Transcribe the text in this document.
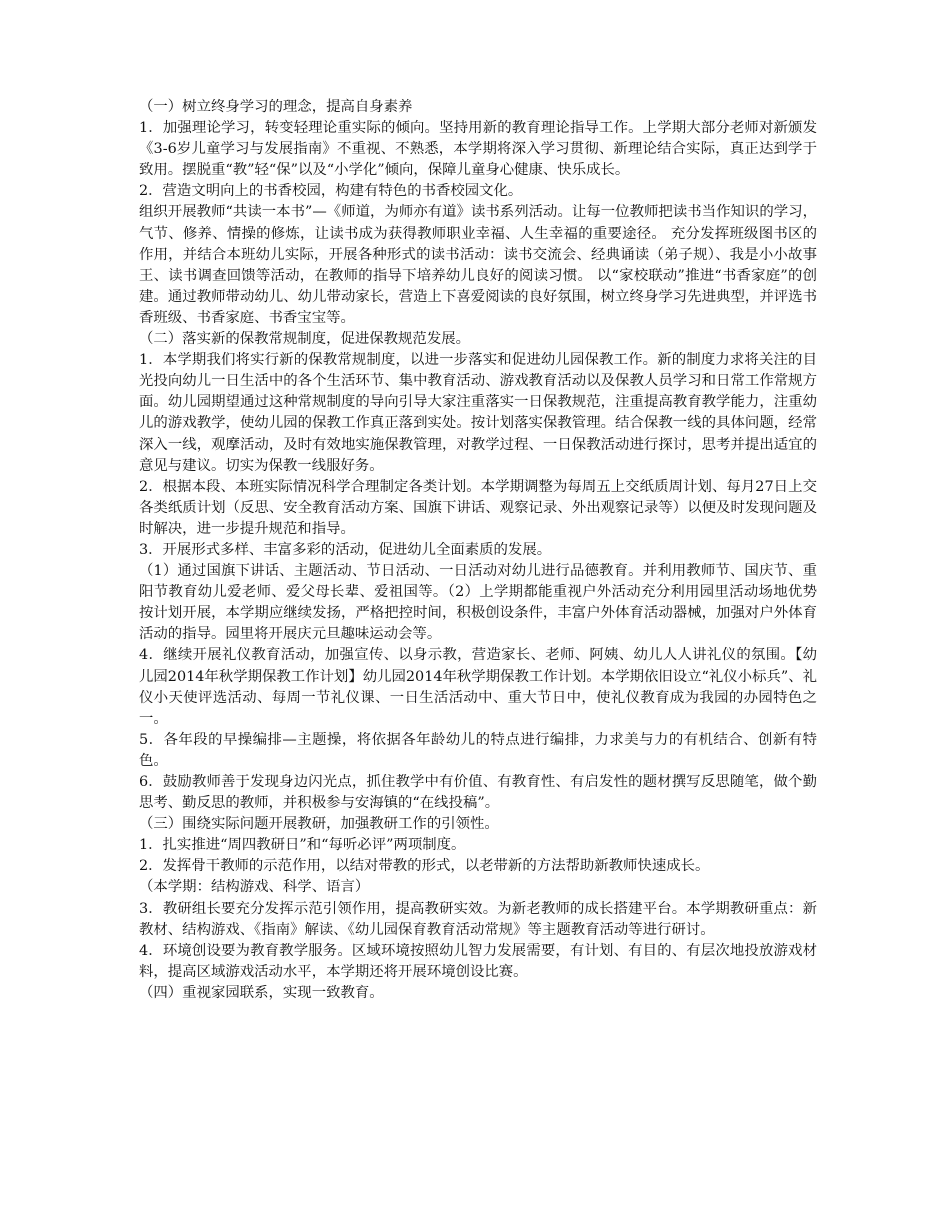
（一）树立终身学习的理念，提高自身素养

1．加强理论学习，转变轻理论重实际的倾向。坚持用新的教育理论指导工作。上学期大部分老师对新颁发《3-6岁儿童学习与发展指南》不重视、不熟悉，本学期将深入学习贯彻、新理论结合实际，真正达到学于致用。摆脱重“教”轻“保”以及“小学化”倾向，保障儿童身心健康、快乐成长。

2．营造文明向上的书香校园，构建有特色的书香校园文化。

组织开展教师“共读一本书”—《师道，为师亦有道》读书系列活动。让每一位教师把读书当作知识的学习，气节、修养、情操的修炼，让读书成为获得教师职业幸福、人生幸福的重要途径。 充分发挥班级图书区的作用，并结合本班幼儿实际，开展各种形式的读书活动：读书交流会、经典诵读（弟子规）、我是小小故事王、读书调查回馈等活动，在教师的指导下培养幼儿良好的阅读习惯。 以“家校联动”推进“书香家庭”的创建。通过教师带动幼儿、幼儿带动家长，营造上下喜爱阅读的良好氛围，树立终身学习先进典型，并评选书香班级、书香家庭、书香宝宝等。

（二）落实新的保教常规制度，促进保教规范发展。

1．本学期我们将实行新的保教常规制度，以进一步落实和促进幼儿园保教工作。新的制度力求将关注的目光投向幼儿一日生活中的各个生活环节、集中教育活动、游戏教育活动以及保教人员学习和日常工作常规方面。幼儿园期望通过这种常规制度的导向引导大家注重落实一日保教规范，注重提高教育教学能力，注重幼儿的游戏教学，使幼儿园的保教工作真正落到实处。按计划落实保教管理。结合保教一线的具体问题，经常深入一线，观摩活动，及时有效地实施保教管理，对教学过程、一日保教活动进行探讨，思考并提出适宜的意见与建议。切实为保教一线服好务。

2．根据本段、本班实际情况科学合理制定各类计划。本学期调整为每周五上交纸质周计划、每月27日上交各类纸质计划（反思、安全教育活动方案、国旗下讲话、观察记录、外出观察记录等）以便及时发现问题及时解决，进一步提升规范和指导。

3．开展形式多样、丰富多彩的活动，促进幼儿全面素质的发展。

（1）通过国旗下讲话、主题活动、节日活动、一日活动对幼儿进行品德教育。并利用教师节、国庆节、重阳节教育幼儿爱老师、爱父母长辈、爱祖国等。（2）上学期都能重视户外活动充分利用园里活动场地优势按计划开展，本学期应继续发扬，严格把控时间，积极创设条件，丰富户外体育活动器械，加强对户外体育活动的指导。园里将开展庆元旦趣味运动会等。

4．继续开展礼仪教育活动，加强宣传、以身示教，营造家长、老师、阿姨、幼儿人人讲礼仪的氛围。【幼儿园2014年秋学期保教工作计划】幼儿园2014年秋学期保教工作计划。本学期依旧设立“礼仪小标兵”、礼仪小天使评选活动、每周一节礼仪课、一日生活活动中、重大节日中，使礼仪教育成为我园的办园特色之一。

5．各年段的早操编排—主题操，将依据各年龄幼儿的特点进行编排，力求美与力的有机结合、创新有特色。

6．鼓励教师善于发现身边闪光点，抓住教学中有价值、有教育性、有启发性的题材撰写反思随笔，做个勤思考、勤反思的教师，并积极参与安海镇的“在线投稿”。

（三）围绕实际问题开展教研，加强教研工作的引领性。

1．扎实推进“周四教研日”和“每听必评”两项制度。

2．发挥骨干教师的示范作用，以结对带教的形式，以老带新的方法帮助新教师快速成长。

（本学期：结构游戏、科学、语言）

3．教研组长要充分发挥示范引领作用，提高教研实效。为新老教师的成长搭建平台。本学期教研重点：新教材、结构游戏、《指南》解读、《幼儿园保育教育活动常规》等主题教育活动等进行研讨。

4．环境创设要为教育教学服务。区域环境按照幼儿智力发展需要，有计划、有目的、有层次地投放游戏材料，提高区域游戏活动水平，本学期还将开展环境创设比赛。

（四）重视家园联系，实现一致教育。
